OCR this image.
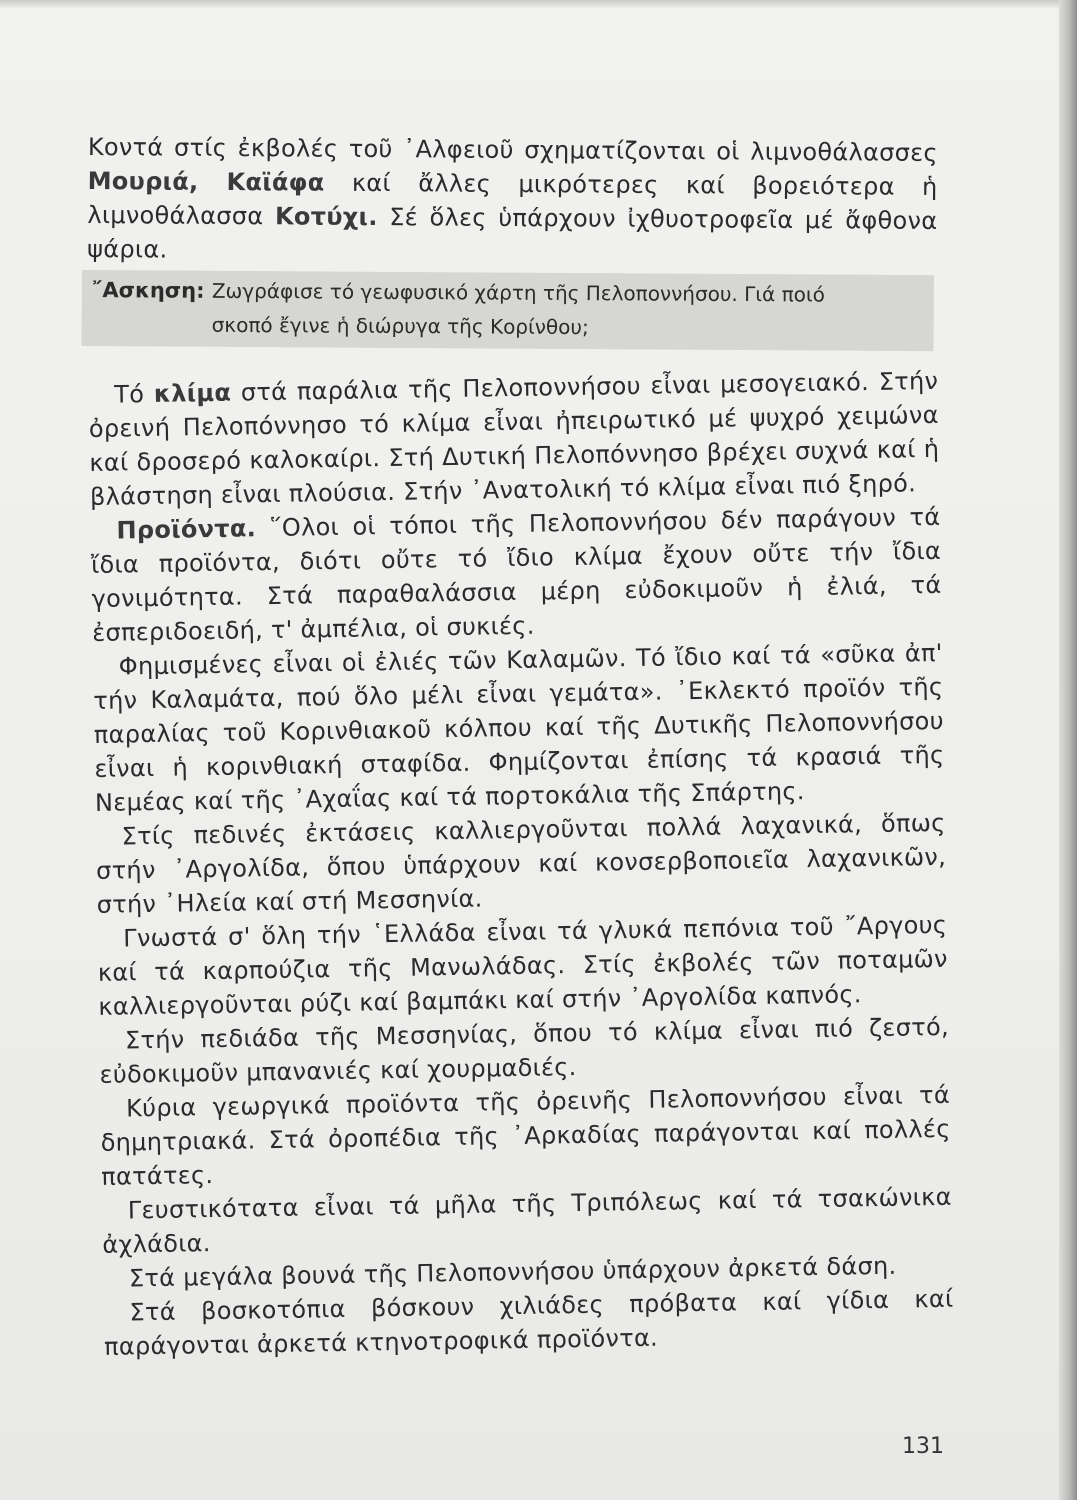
Κοντά στίς ἐκβολές τοῦ ᾿Αλφειοῦ σχηματίζονται οἱ λιμνοθάλασσες Μουριά, Καϊάφα καί ἄλλες μικρότερες καί βορειότερα ἡ λιμνοθάλασσα Κοτύχι. Σέ ὅλες ὑπάρχουν ἰχθυοτροφεῖα μέ ἄφθονα ψάρια.

῎Ασκηση: Ζωγράφισε τό γεωφυσικό χάρτη τῆς Πελοποννήσου. Γιά ποιό
σκοπό ἔγινε ἡ διώρυγα τῆς Κορίνθου;

Τό κλίμα στά παράλια τῆς Πελοποννήσου εἶναι μεσογειακό. Στήν ὀρεινή Πελοπόννησο τό κλίμα εἶναι ἠπειρωτικό μέ ψυχρό χειμώνα καί δροσερό καλοκαίρι. Στή Δυτική Πελοπόννησο βρέχει συχνά καί ἡ βλάστηση εἶναι πλούσια. Στήν ᾿Ανατολική τό κλίμα εἶναι πιό ξηρό.

Προϊόντα. ῞Ολοι οἱ τόποι τῆς Πελοποννήσου δέν παράγουν τά ἴδια προϊόντα, διότι οὔτε τό ἴδιο κλίμα ἔχουν οὔτε τήν ἴδια γονιμότητα. Στά παραθαλάσσια μέρη εὐδοκιμοῦν ἡ ἐλιά, τά ἐσπεριδοειδή, τ' ἀμπέλια, οἱ συκιές.

Φημισμένες εἶναι οἱ ἐλιές τῶν Καλαμῶν. Τό ἴδιο καί τά «σῦκα ἀπ' τήν Καλαμάτα, πού ὅλο μέλι εἶναι γεμάτα». ᾿Εκλεκτό προϊόν τῆς παραλίας τοῦ Κορινθιακοῦ κόλπου καί τῆς Δυτικῆς Πελοποννήσου εἶναι ἡ κορινθιακή σταφίδα. Φημίζονται ἐπίσης τά κρασιά τῆς Νεμέας καί τῆς ᾿Αχαΐας καί τά πορτοκάλια τῆς Σπάρτης.

Στίς πεδινές ἐκτάσεις καλλιεργοῦνται πολλά λαχανικά, ὅπως στήν ᾿Αργολίδα, ὅπου ὑπάρχουν καί κονσερβοποιεῖα λαχανικῶν, στήν ᾿Ηλεία καί στή Μεσσηνία.

Γνωστά σ' ὅλη τήν ῾Ελλάδα εἶναι τά γλυκά πεπόνια τοῦ ῎Αργους καί τά καρπούζια τῆς Μανωλάδας. Στίς ἐκβολές τῶν ποταμῶν καλλιεργοῦνται ρύζι καί βαμπάκι καί στήν ᾿Αργολίδα καπνός.

Στήν πεδιάδα τῆς Μεσσηνίας, ὅπου τό κλίμα εἶναι πιό ζεστό, εὐδοκιμοῦν μπανανιές καί χουρμαδιές.

Κύρια γεωργικά προϊόντα τῆς ὀρεινῆς Πελοποννήσου εἶναι τά δημητριακά. Στά ὀροπέδια τῆς ᾿Αρκαδίας παράγονται καί πολλές πατάτες.

Γευστικότατα εἶναι τά μῆλα τῆς Τριπόλεως καί τά τσακώνικα ἀχλάδια.

Στά μεγάλα βουνά τῆς Πελοποννήσου ὑπάρχουν ἀρκετά δάση.

Στά βοσκοτόπια βόσκουν χιλιάδες πρόβατα καί γίδια καί παράγονται ἀρκετά κτηνοτροφικά προϊόντα.

131
